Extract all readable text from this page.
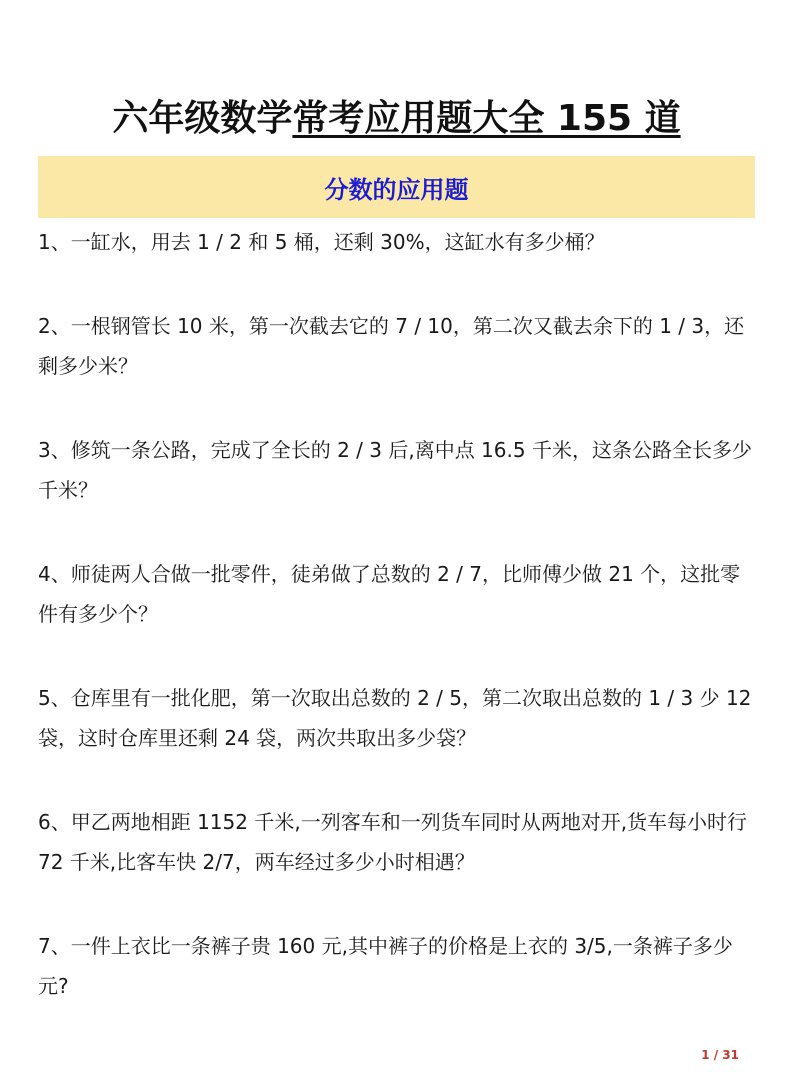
六年级数学常考应用题大全 155 道
分数的应用题

1、一缸水，用去 1 / 2 和 5 桶，还剩 30%，这缸水有多少桶？

2、一根钢管长 10 米，第一次截去它的 7 / 10，第二次又截去余下的 1 / 3，还剩多少米？

3、修筑一条公路，完成了全长的 2 / 3 后,离中点 16.5 千米，这条公路全长多少千米？

4、师徒两人合做一批零件，徒弟做了总数的 2 / 7，比师傅少做 21 个，这批零件有多少个？

5、仓库里有一批化肥，第一次取出总数的 2 / 5，第二次取出总数的 1 / 3 少 12 袋，这时仓库里还剩 24 袋，两次共取出多少袋？

6、甲乙两地相距 1152 千米,一列客车和一列货车同时从两地对开,货车每小时行 72 千米,比客车快 2/7，两车经过多少小时相遇？

7、一件上衣比一条裤子贵 160 元,其中裤子的价格是上衣的 3/5,一条裤子多少元?

1 / 31
